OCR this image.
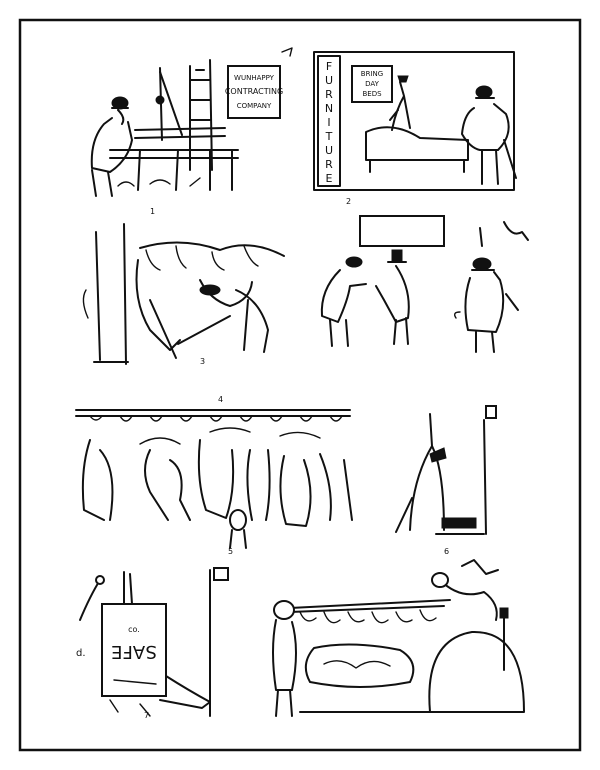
WUNHAPPY
CONTRACTING
COMPANY
1
F
U
R
N
I
T
U
R
E
BRING
DAY
BEDS
2
3
4
5	6
d.
co.
SAFE
7
